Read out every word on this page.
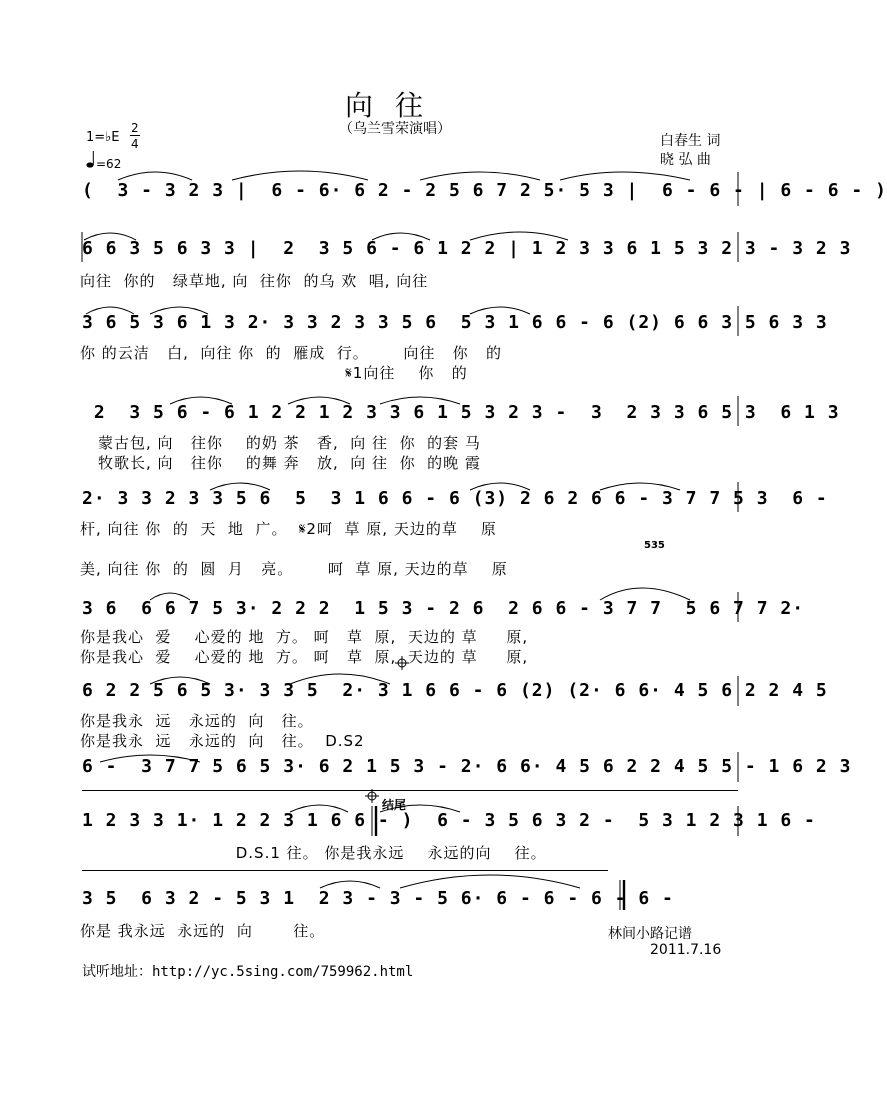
向往
（乌兰雪荣演唱）
白春生 词
晓 弘 曲
1=♭E
2
4
=62
(  3 - 3 2 3 |  6 - 6· 6 2 - 2 5 6 7 2 5· 5 3 |  6 - 6 - | 6 - 6 - )
6 6 3 5 6 3 3 |  2  3 5 6 - 6 1 2 2 | 1 2 3 3 6 1 5 3 2 3 - 3 2 3
向往  你的   绿草地, 向  往你  的乌 欢  唱, 向往
3 6 5 3 6 1 3 2· 3 3 2 3 3 5 6  5 3 1 6 6 - 6 (2) 6 6 3 5 6 3 3
你 的云洁   白,  向往 你  的  雁成  行。      向往   你   的
𝄋1向往    你   的
2  3 5 6 - 6 1 2 2 1 2 3 3 6 1 5 3 2 3 -  3  2 3 3 6 5 3  6 1 3
蒙古包, 向   往你    的奶 茶   香,  向 往  你  的套 马
牧歌长, 向   往你    的舞 奔   放,  向 往  你  的晚 霞
2· 3 3 2 3 3 5 6  5  3 1 6 6 - 6 (3) 2 6 2 6 6 - 3 7 7 5 3  6 -
杆, 向往 你  的  天  地  广。  𝄋2呵  草 原, 天边的草    原
美, 向往 你  的  圆  月   亮。      呵  草 原, 天边的草    原
535
3 6  6 6 7 5 3· 2 2 2  1 5 3 - 2 6  2 6 6 - 3 7 7  5 6 7 7 2·
你是我心  爱    心爱的 地  方。 呵   草  原,  天边的 草     原,
你是我心  爱    心爱的 地  方。 呵   草  原,  天边的 草     原,
6 2 2 5 6 5 3· 3 3 5  2· 3 1 6 6 - 6 (2) (2· 6 6· 4 5 6 2 2 4 5
你是我永  远   永远的  向   往。
你是我永  远   永远的  向   往。  D.S2
6 -  3 7 7 5 6 5 3· 6 2 1 5 3 - 2· 6 6· 4 5 6 2 2 4 5 5 - 1 6 2 3
结尾
1 2 3 3 1· 1 2 2 3 1 6 6 - )  6 - 3 5 6 3 2 -  5 3 1 2 3 1 6 -
D.S.1 往。 你是我永远    永远的向    往。
3 5  6 3 2 - 5 3 1  2 3 - 3 - 5 6· 6 - 6 - 6 - 6 -
你是 我永远  永远的  向       往。	林间小路记谱
2011.7.16
试听地址：http://yc.5sing.com/759962.html
